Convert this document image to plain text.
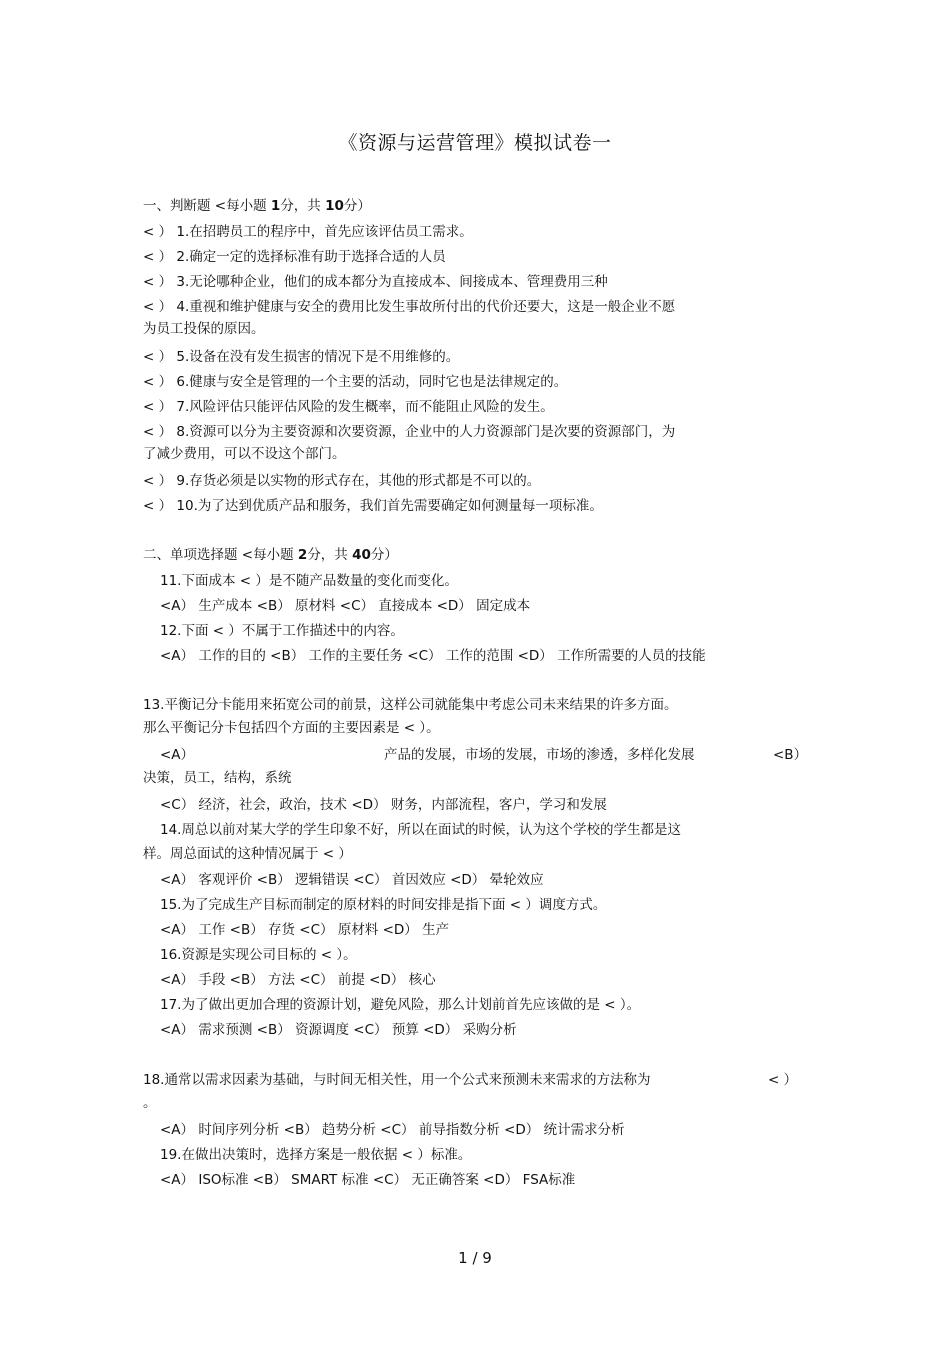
《资源与运营管理》模拟试卷一
一、判断题 <每小题 1分，共 10分）
< ） 1.在招聘员工的程序中，首先应该评估员工需求。
< ） 2.确定一定的选择标准有助于选择合适的人员
< ） 3.无论哪种企业，他们的成本都分为直接成本、间接成本、管理费用三种
< ） 4.重视和维护健康与安全的费用比发生事故所付出的代价还要大，这是一般企业不愿
为员工投保的原因。
< ） 5.设备在没有发生损害的情况下是不用维修的。
< ） 6.健康与安全是管理的一个主要的活动，同时它也是法律规定的。
< ） 7.风险评估只能评估风险的发生概率，而不能阻止风险的发生。
< ） 8.资源可以分为主要资源和次要资源，企业中的人力资源部门是次要的资源部门，为
了减少费用，可以不设这个部门。
< ） 9.存货必须是以实物的形式存在，其他的形式都是不可以的。
< ） 10.为了达到优质产品和服务，我们首先需要确定如何测量每一项标准。
二、单项选择题 <每小题 2分，共 40分）
11.下面成本 < ）是不随产品数量的变化而变化。
<A） 生产成本 <B） 原材料 <C） 直接成本 <D） 固定成本
12.下面 < ）不属于工作描述中的内容。
<A） 工作的目的 <B） 工作的主要任务 <C） 工作的范围 <D） 工作所需要的人员的技能
13.平衡记分卡能用来拓宽公司的前景，这样公司就能集中考虑公司未来结果的许多方面。
那么平衡记分卡包括四个方面的主要因素是 < ）。
<A）	产品的发展，市场的发展，市场的渗透，多样化发展	<B）
决策，员工，结构，系统
<C） 经济，社会，政治，技术 <D） 财务，内部流程，客户，学习和发展
14.周总以前对某大学的学生印象不好，所以在面试的时候，认为这个学校的学生都是这
样。周总面试的这种情况属于 < ）
<A） 客观评价 <B） 逻辑错误 <C） 首因效应 <D） 晕轮效应
15.为了完成生产目标而制定的原材料的时间安排是指下面 < ）调度方式。
<A） 工作 <B） 存货 <C） 原材料 <D） 生产
16.资源是实现公司目标的 < ）。
<A） 手段 <B） 方法 <C） 前提 <D） 核心
17.为了做出更加合理的资源计划，避免风险，那么计划前首先应该做的是 < ）。
<A） 需求预测 <B） 资源调度 <C） 预算 <D） 采购分析
18.通常以需求因素为基础，与时间无相关性，用一个公式来预测未来需求的方法称为	< ）
。
<A） 时间序列分析 <B） 趋势分析 <C） 前导指数分析 <D） 统计需求分析
19.在做出决策时，选择方案是一般依据 < ）标准。
<A） ISO标准 <B） SMART 标准 <C） 无正确答案 <D） FSA标准
1 / 9
